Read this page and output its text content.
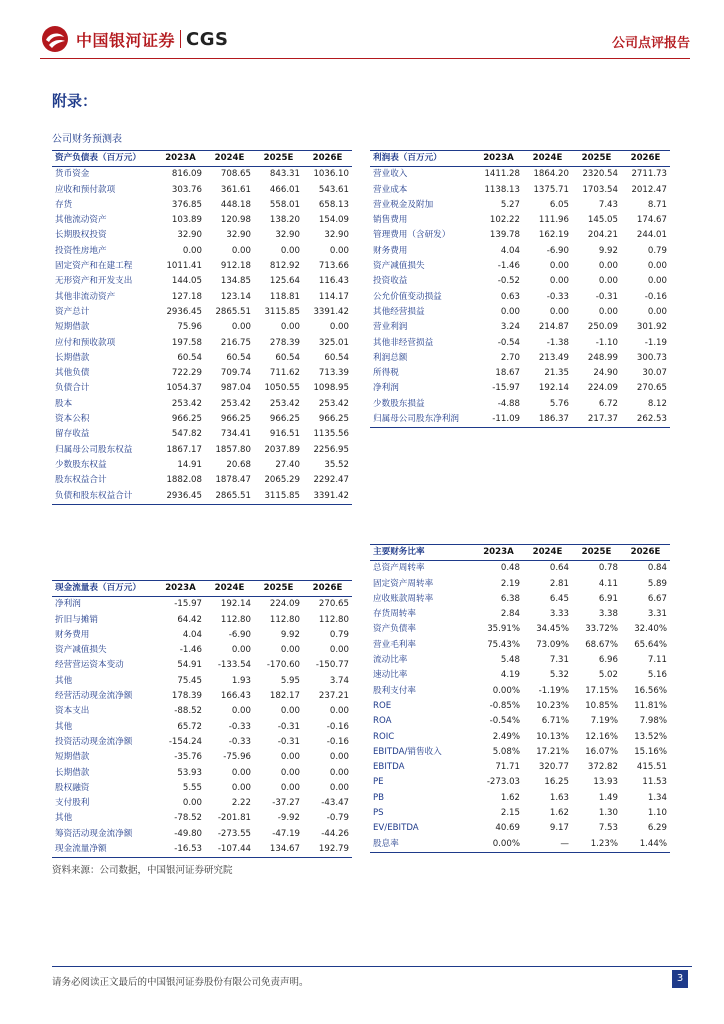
中国银河证券 CGS	公司点评报告
附录：
公司财务预测表
资产负债表（百万元）	2023A	2024E	2025E	2026E
货币资金	816.09	708.65	843.31	1036.10
应收和预付款项	303.76	361.61	466.01	543.61
存货	376.85	448.18	558.01	658.13
其他流动资产	103.89	120.98	138.20	154.09
长期股权投资	32.90	32.90	32.90	32.90
投资性房地产	0.00	0.00	0.00	0.00
固定资产和在建工程	1011.41	912.18	812.92	713.66
无形资产和开发支出	144.05	134.85	125.64	116.43
其他非流动资产	127.18	123.14	118.81	114.17
资产总计	2936.45	2865.51	3115.85	3391.42
短期借款	75.96	0.00	0.00	0.00
应付和预收款项	197.58	216.75	278.39	325.01
长期借款	60.54	60.54	60.54	60.54
其他负债	722.29	709.74	711.62	713.39
负债合计	1054.37	987.04	1050.55	1098.95
股本	253.42	253.42	253.42	253.42
资本公积	966.25	966.25	966.25	966.25
留存收益	547.82	734.41	916.51	1135.56
归属母公司股东权益	1867.17	1857.80	2037.89	2256.95
少数股东权益	14.91	20.68	27.40	35.52
股东权益合计	1882.08	1878.47	2065.29	2292.47
负债和股东权益合计	2936.45	2865.51	3115.85	3391.42
利润表（百万元）	2023A	2024E	2025E	2026E
营业收入	1411.28	1864.20	2320.54	2711.73
营业成本	1138.13	1375.71	1703.54	2012.47
营业税金及附加	5.27	6.05	7.43	8.71
销售费用	102.22	111.96	145.05	174.67
管理费用（含研发）	139.78	162.19	204.21	244.01
财务费用	4.04	-6.90	9.92	0.79
资产减值损失	-1.46	0.00	0.00	0.00
投资收益	-0.52	0.00	0.00	0.00
公允价值变动损益	0.63	-0.33	-0.31	-0.16
其他经营损益	0.00	0.00	0.00	0.00
营业利润	3.24	214.87	250.09	301.92
其他非经营损益	-0.54	-1.38	-1.10	-1.19
利润总额	2.70	213.49	248.99	300.73
所得税	18.67	21.35	24.90	30.07
净利润	-15.97	192.14	224.09	270.65
少数股东损益	-4.88	5.76	6.72	8.12
归属母公司股东净利润	-11.09	186.37	217.37	262.53
现金流量表（百万元）	2023A	2024E	2025E	2026E
净利润	-15.97	192.14	224.09	270.65
折旧与摊销	64.42	112.80	112.80	112.80
财务费用	4.04	-6.90	9.92	0.79
资产减值损失	-1.46	0.00	0.00	0.00
经营营运资本变动	54.91	-133.54	-170.60	-150.77
其他	75.45	1.93	5.95	3.74
经营活动现金流净额	178.39	166.43	182.17	237.21
资本支出	-88.52	0.00	0.00	0.00
其他	65.72	-0.33	-0.31	-0.16
投资活动现金流净额	-154.24	-0.33	-0.31	-0.16
短期借款	-35.76	-75.96	0.00	0.00
长期借款	53.93	0.00	0.00	0.00
股权融资	5.55	0.00	0.00	0.00
支付股利	0.00	2.22	-37.27	-43.47
其他	-78.52	-201.81	-9.92	-0.79
筹资活动现金流净额	-49.80	-273.55	-47.19	-44.26
现金流量净额	-16.53	-107.44	134.67	192.79
主要财务比率	2023A	2024E	2025E	2026E
总资产周转率	0.48	0.64	0.78	0.84
固定资产周转率	2.19	2.81	4.11	5.89
应收账款周转率	6.38	6.45	6.91	6.67
存货周转率	2.84	3.33	3.38	3.31
资产负债率	35.91%	34.45%	33.72%	32.40%
营业毛利率	75.43%	73.09%	68.67%	65.64%
流动比率	5.48	7.31	6.96	7.11
速动比率	4.19	5.32	5.02	5.16
股利支付率	0.00%	-1.19%	17.15%	16.56%
ROE	-0.85%	10.23%	10.85%	11.81%
ROA	-0.54%	6.71%	7.19%	7.98%
ROIC	2.49%	10.13%	12.16%	13.52%
EBITDA/销售收入	5.08%	17.21%	16.07%	15.16%
EBITDA	71.71	320.77	372.82	415.51
PE	-273.03	16.25	13.93	11.53
PB	1.62	1.63	1.49	1.34
PS	2.15	1.62	1.30	1.10
EV/EBITDA	40.69	9.17	7.53	6.29
股息率	0.00%	—	1.23%	1.44%
资料来源：公司数据，中国银河证券研究院
请务必阅读正文最后的中国银河证券股份有限公司免责声明。	3
